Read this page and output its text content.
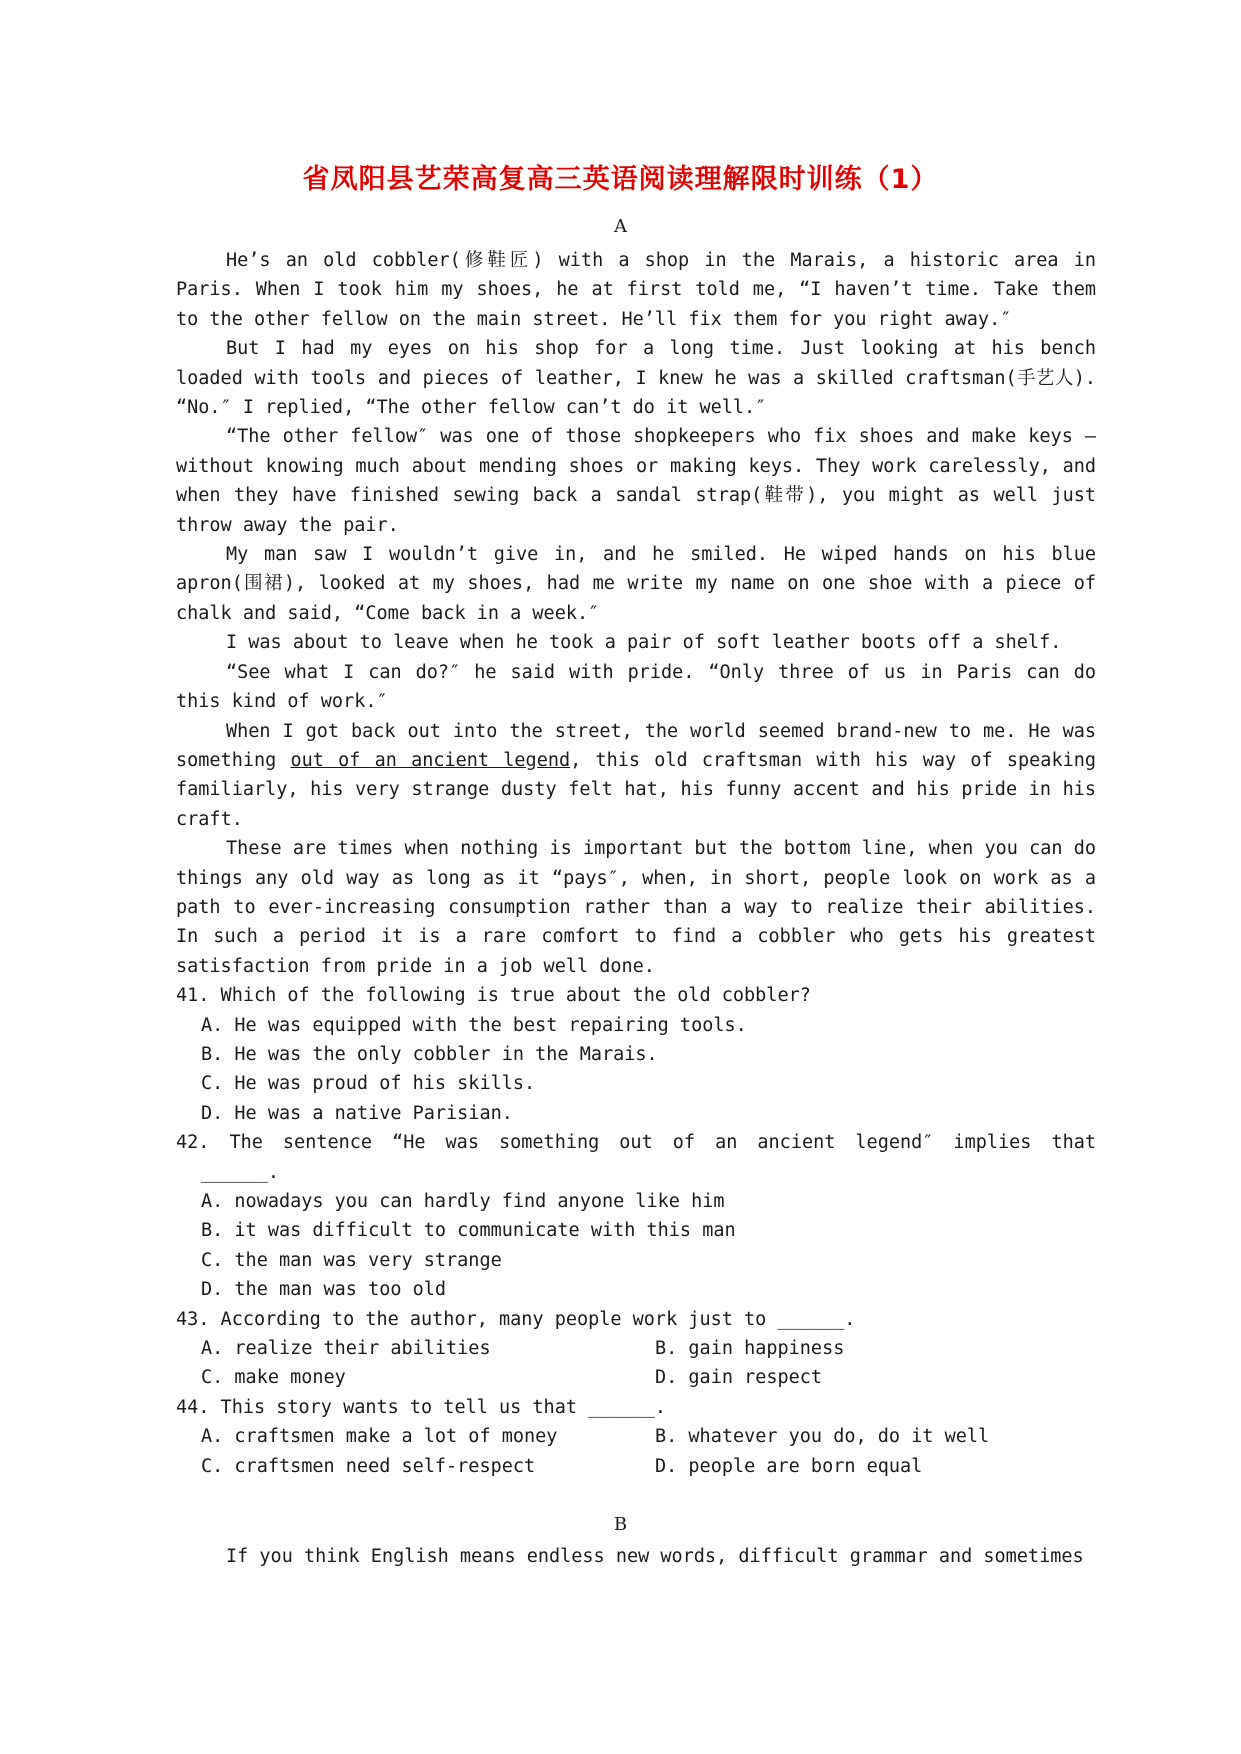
省凤阳县艺荣高复高三英语阅读理解限时训练（1）
A

He’s an old cobbler(修鞋匠) with a shop in the Marais, a historic area in Paris. When I took him my shoes, he at first told me, “I haven’t time. Take them to the other fellow on the main street. He’ll fix them for you right away.″

But I had my eyes on his shop for a long time. Just looking at his bench loaded with tools and pieces of leather, I knew he was a skilled craftsman(手艺人). “No.″ I replied, “The other fellow can’t do it well.″

“The other fellow″ was one of those shopkeepers who fix shoes and make keys — without knowing much about mending shoes or making keys. They work carelessly, and when they have finished sewing back a sandal strap(鞋带), you might as well just throw away the pair.

My man saw I wouldn’t give in, and he smiled. He wiped hands on his blue apron(围裙), looked at my shoes, had me write my name on one shoe with a piece of chalk and said, “Come back in a week.″

I was about to leave when he took a pair of soft leather boots off a shelf.

“See what I can do?″ he said with pride. “Only three of us in Paris can do this kind of work.″

When I got back out into the street, the world seemed brand-new to me. He was something out of an ancient legend, this old craftsman with his way of speaking familiarly, his very strange dusty felt hat, his funny accent and his pride in his craft.

These are times when nothing is important but the bottom line, when you can do things any old way as long as it “pays″, when, in short, people look on work as a path to ever-increasing consumption rather than a way to realize their abilities. In such a period it is a rare comfort to find a cobbler who gets his greatest satisfaction from pride in a job well done.

41. Which of the following is true about the old cobbler?

A. He was equipped with the best repairing tools.

B. He was the only cobbler in the Marais.

C. He was proud of his skills.

D. He was a native Parisian.

42. The sentence “He was something out of an ancient legend″ implies that

______.

A. nowadays you can hardly find anyone like him

B. it was difficult to communicate with this man

C. the man was very strange

D. the man was too old

43. According to the author, many people work just to ______.

A. realize their abilities	B. gain happiness
C. make money	D. gain respect

44. This story wants to tell us that ______.

A. craftsmen make a lot of money	B. whatever you do, do it well
C. craftsmen need self-respect	D. people are born equal
B

If you think English means endless new words, difficult grammar and sometimes
